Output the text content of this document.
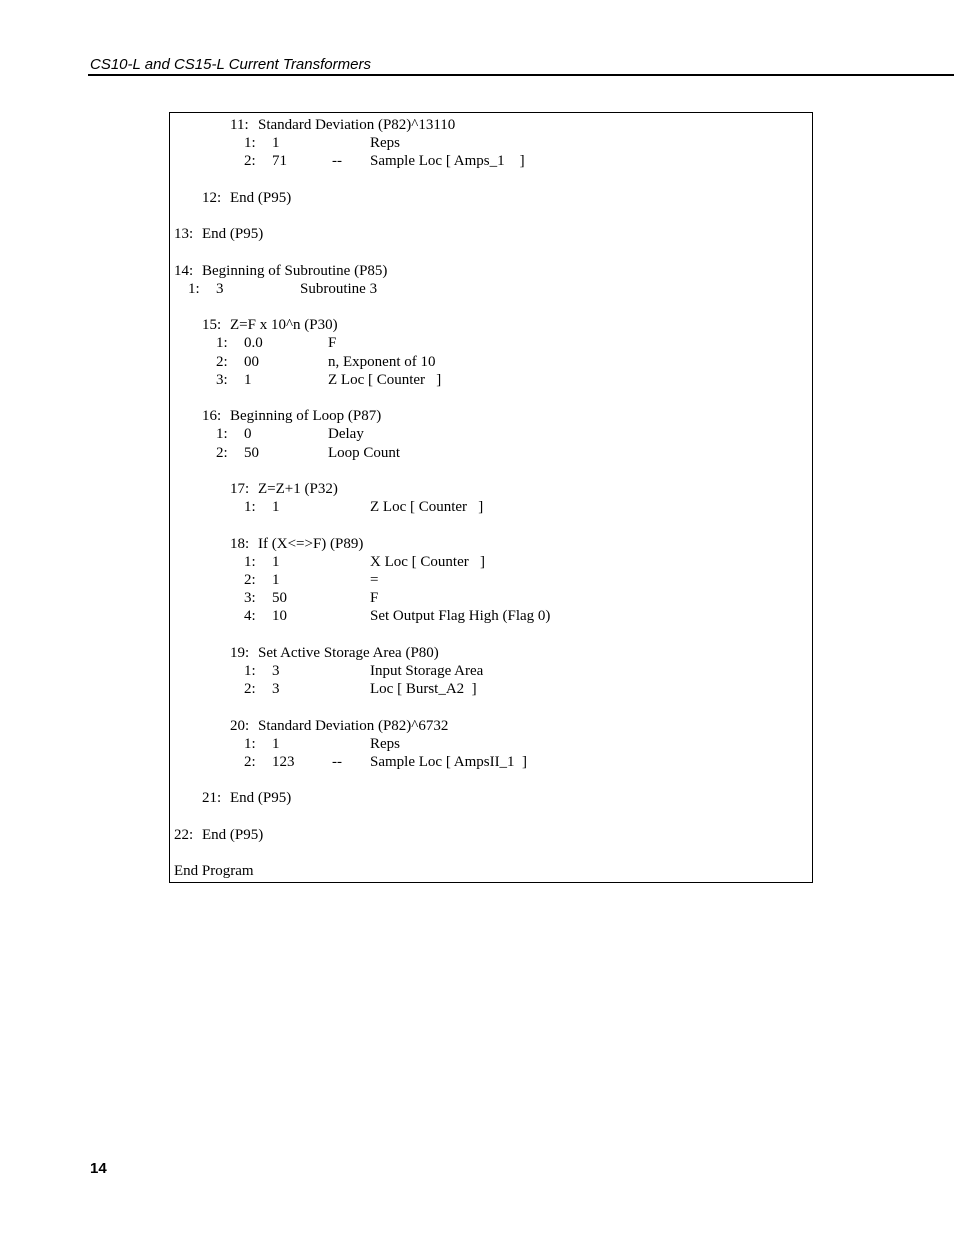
CS10-L and CS15-L Current Transformers
11: Standard Deviation (P82)^13110
1: 1	Reps
2: 71	-- Sample Loc [ Amps_1    ]
12: End (P95)
13: End (P95)
14: Beginning of Subroutine (P85)
1: 3	Subroutine 3
15: Z=F x 10^n (P30)
1: 0.0	F
2: 00	n, Exponent of 10
3: 1	Z Loc [ Counter   ]
16: Beginning of Loop (P87)
1: 0	Delay
2: 50	Loop Count
17: Z=Z+1 (P32)
1: 1	Z Loc [ Counter   ]
18: If (X<=>F) (P89)
1: 1	X Loc [ Counter   ]
2: 1	=
3: 50	F
4: 10	Set Output Flag High (Flag 0)
19: Set Active Storage Area (P80)
1: 3	Input Storage Area
2: 3	Loc [ Burst_A2  ]
20: Standard Deviation (P82)^6732
1: 1	Reps
2: 123	-- Sample Loc [ AmpsII_1  ]
21: End (P95)
22: End (P95)
End Program
14
